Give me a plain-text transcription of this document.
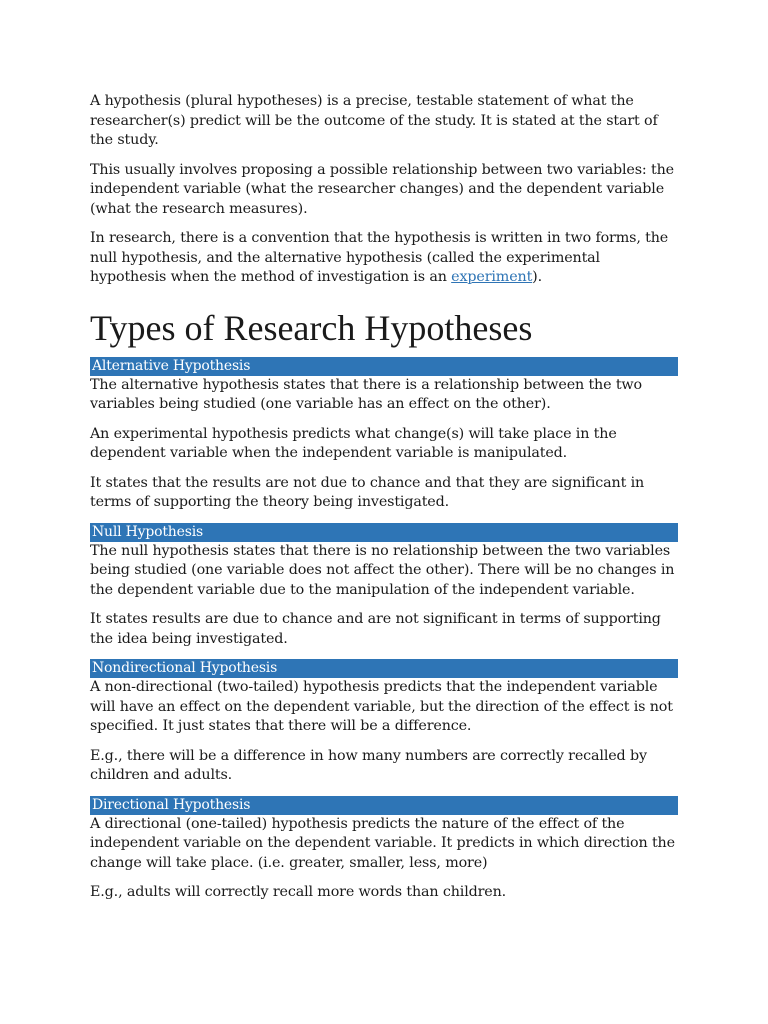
A hypothesis (plural hypotheses) is a precise, testable statement of what the researcher(s) predict will be the outcome of the study. It is stated at the start of the study.

This usually involves proposing a possible relationship between two variables: the independent variable (what the researcher changes) and the dependent variable (what the research measures).

In research, there is a convention that the hypothesis is written in two forms, the null hypothesis, and the alternative hypothesis (called the experimental hypothesis when the method of investigation is an experiment).

Types of Research Hypotheses
Alternative Hypothesis

The alternative hypothesis states that there is a relationship between the two variables being studied (one variable has an effect on the other).

An experimental hypothesis predicts what change(s) will take place in the dependent variable when the independent variable is manipulated.

It states that the results are not due to chance and that they are significant in terms of supporting the theory being investigated.

Null Hypothesis

The null hypothesis states that there is no relationship between the two variables being studied (one variable does not affect the other). There will be no changes in the dependent variable due to the manipulation of the independent variable.

It states results are due to chance and are not significant in terms of supporting the idea being investigated.

Nondirectional Hypothesis

A non-directional (two-tailed) hypothesis predicts that the independent variable will have an effect on the dependent variable, but the direction of the effect is not specified. It just states that there will be a difference.

E.g., there will be a difference in how many numbers are correctly recalled by children and adults.

Directional Hypothesis

A directional (one-tailed) hypothesis predicts the nature of the effect of the independent variable on the dependent variable. It predicts in which direction the change will take place. (i.e. greater, smaller, less, more)

E.g., adults will correctly recall more words than children.
